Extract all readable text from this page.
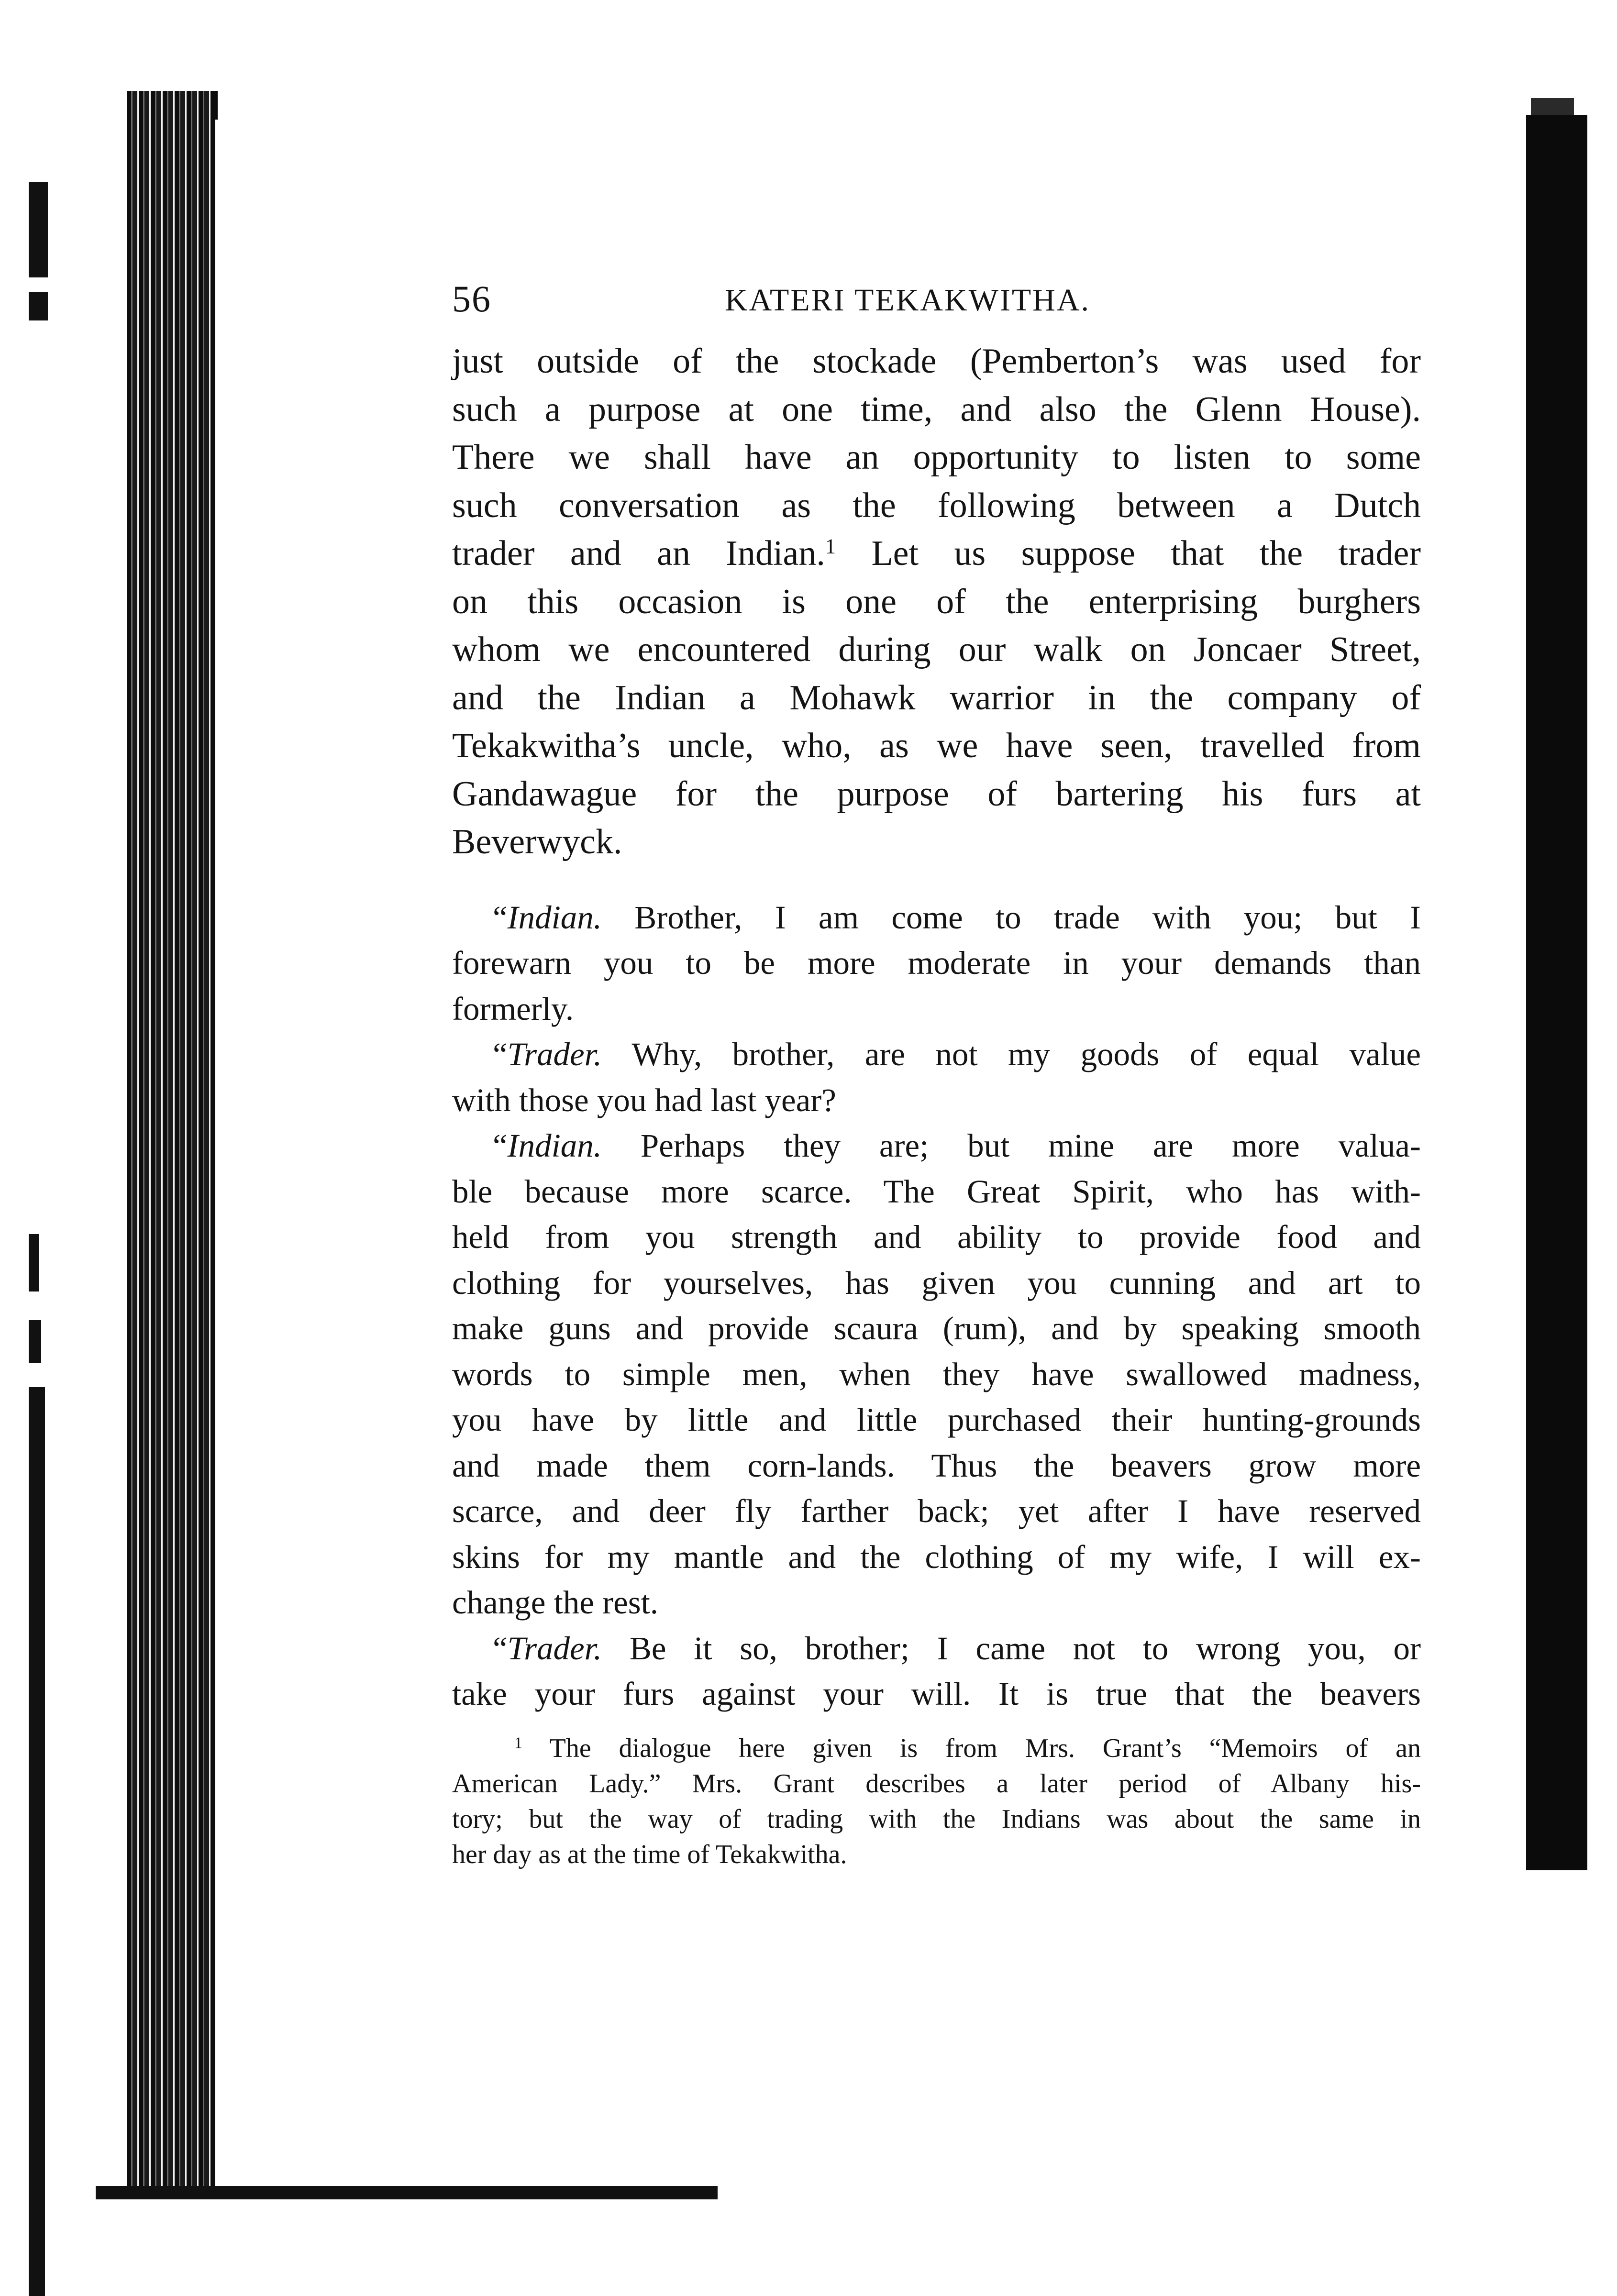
56	KATERI TEKAKWITHA.
just outside of the stockade (Pemberton’s was used for
such a purpose at one time, and also the Glenn House).
There we shall have an opportunity to listen to some
such conversation as the following between a Dutch
trader and an Indian.$^1$ Let us suppose that the trader
on this occasion is one of the enterprising burghers
whom we encountered during our walk on Joncaer Street,
and the Indian a Mohawk warrior in the company of
Tekakwitha’s uncle, who, as we have seen, travelled from
Gandawague for the purpose of bartering his furs at
Beverwyck.
“Indian. Brother, I am come to trade with you; but I
forewarn you to be more moderate in your demands than
formerly.
“Trader. Why, brother, are not my goods of equal value
with those you had last year?
“Indian. Perhaps they are; but mine are more valua-
ble because more scarce. The Great Spirit, who has with-
held from you strength and ability to provide food and
clothing for yourselves, has given you cunning and art to
make guns and provide scaura (rum), and by speaking smooth
words to simple men, when they have swallowed madness,
you have by little and little purchased their hunting-grounds
and made them corn-lands. Thus the beavers grow more
scarce, and deer fly farther back; yet after I have reserved
skins for my mantle and the clothing of my wife, I will ex-
change the rest.
“Trader. Be it so, brother; I came not to wrong you, or
take your furs against your will. It is true that the beavers
$^1$ The dialogue here given is from Mrs. Grant’s “Memoirs of an
American Lady.” Mrs. Grant describes a later period of Albany his-
tory; but the way of trading with the Indians was about the same in
her day as at the time of Tekakwitha.
